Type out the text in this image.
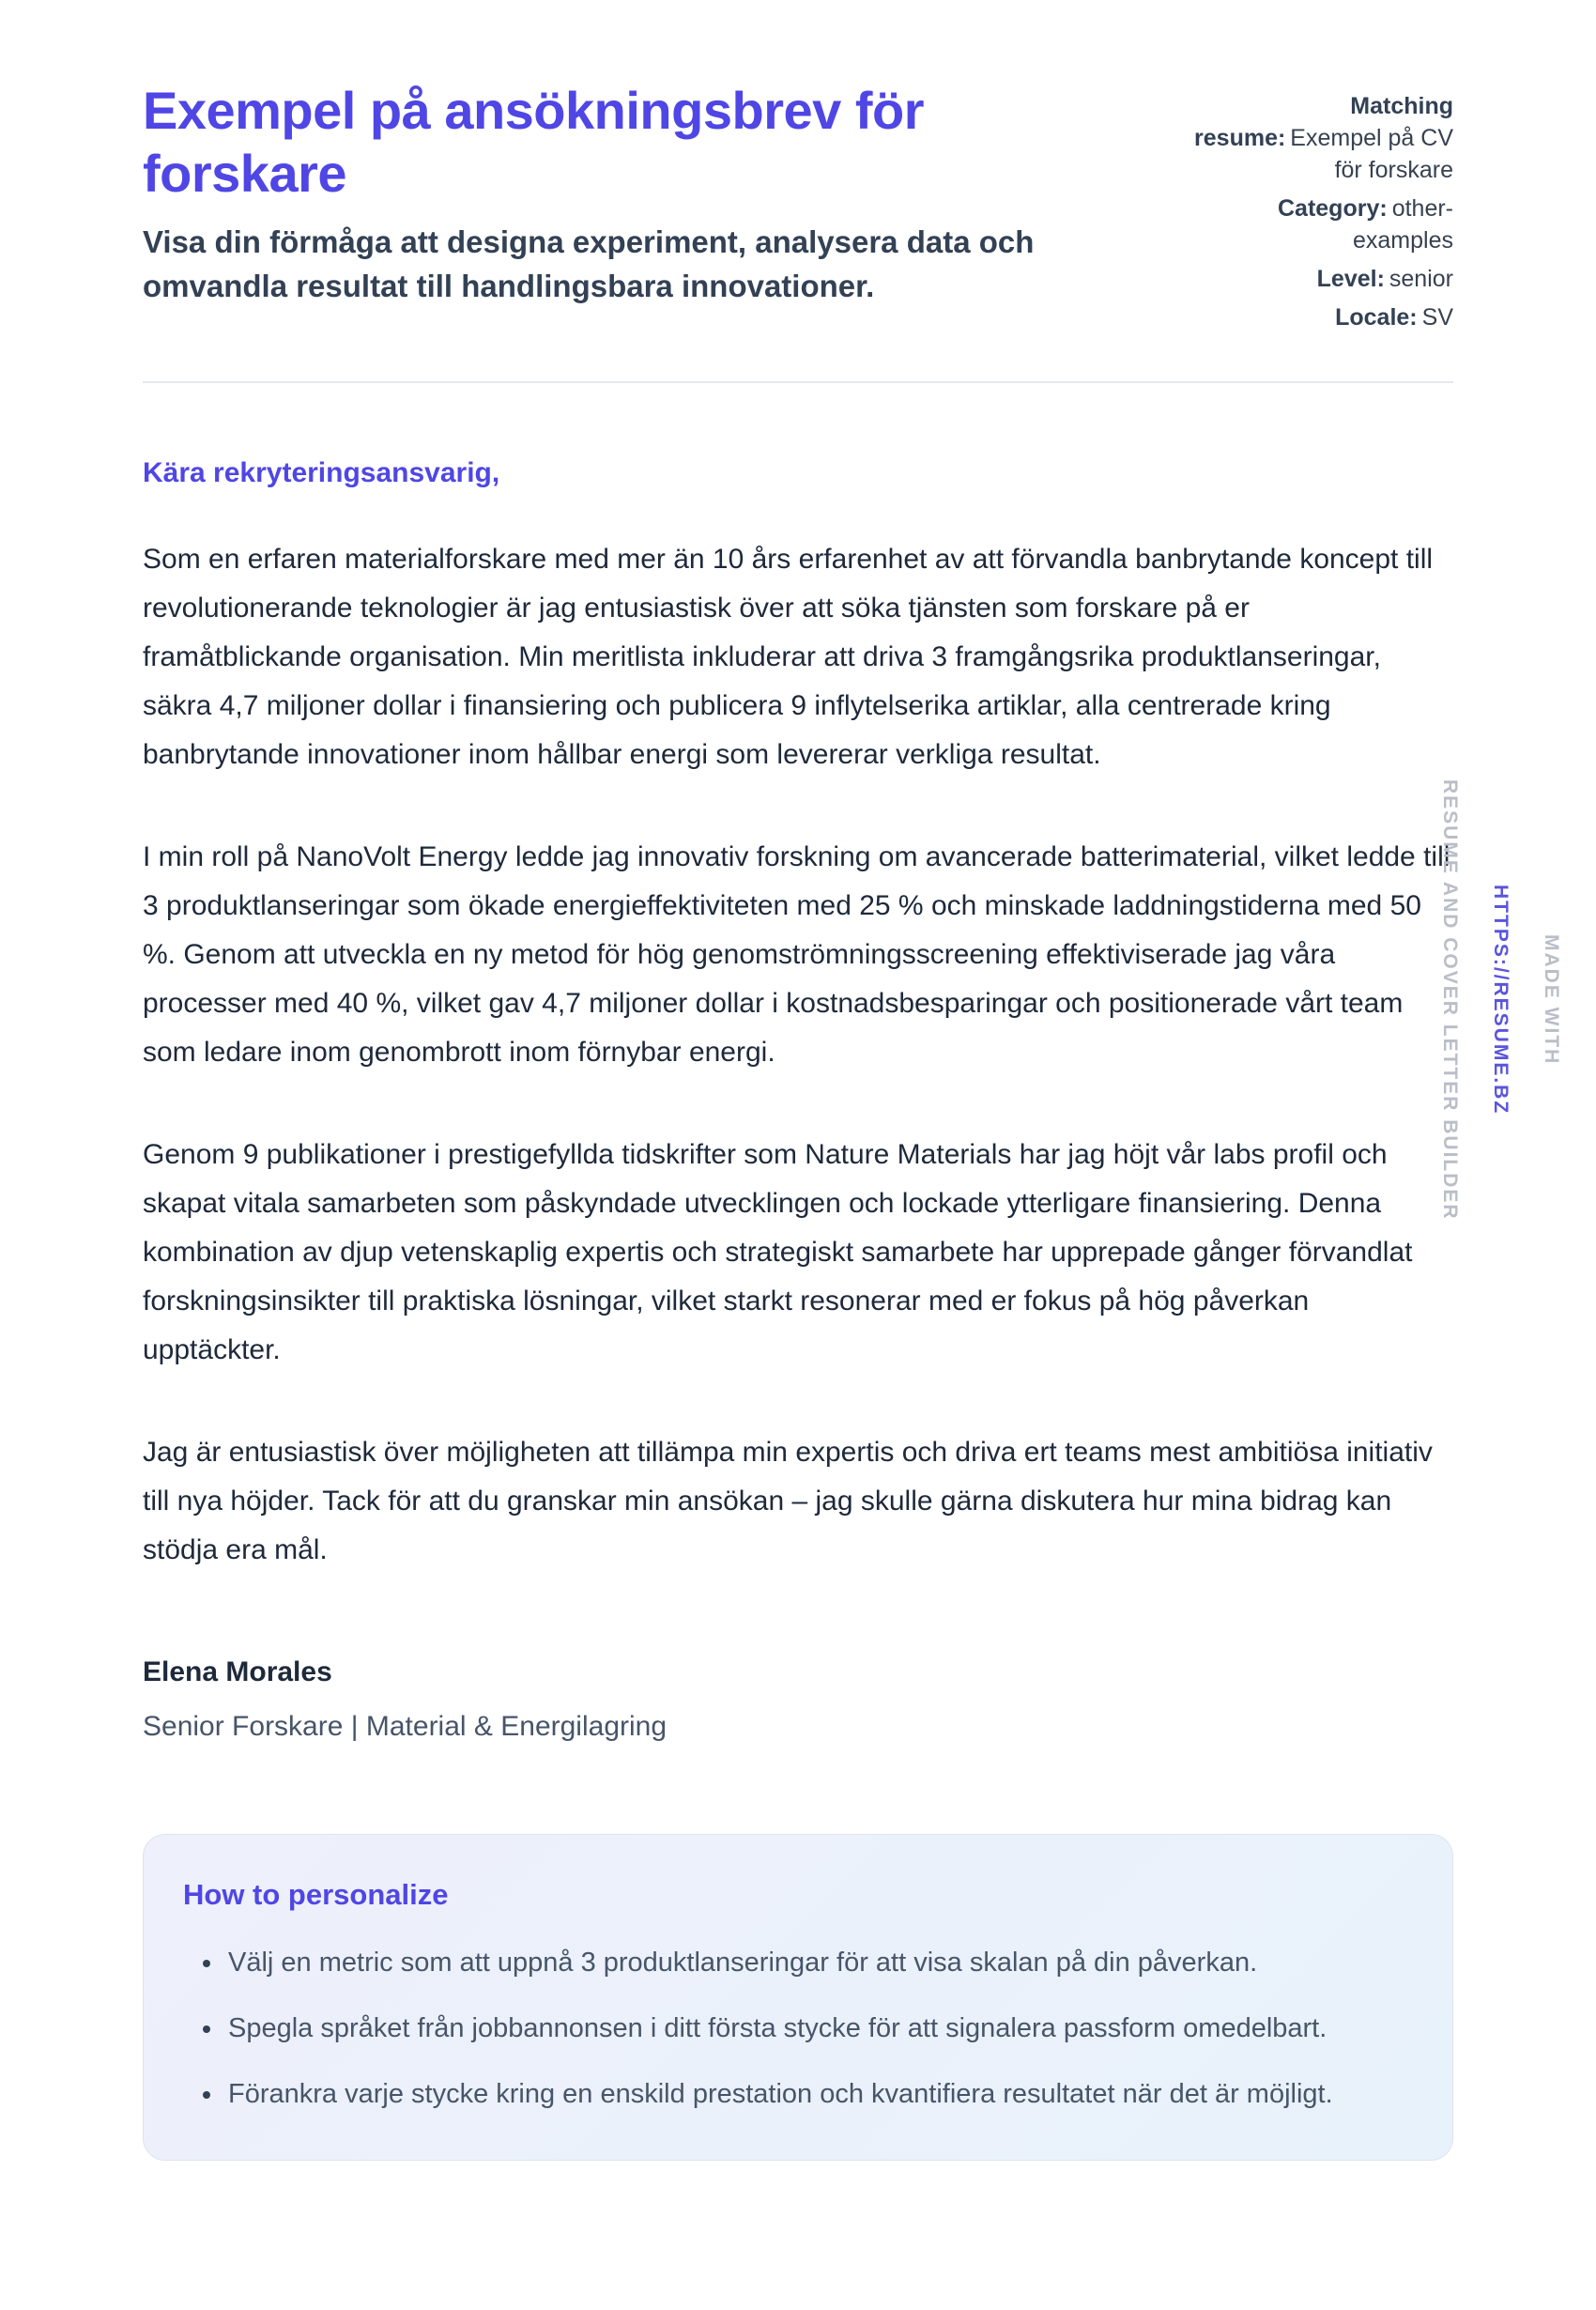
Exempel på ansökningsbrev för forskare

Visa din förmåga att designa experiment, analysera data och omvandla resultat till handlingsbara innovationer.

Matching resume: Exempel på CV för forskare
Category: other-examples
Level: senior
Locale: SV

Kära rekryteringsansvarig,

Som en erfaren materialforskare med mer än 10 års erfarenhet av att förvandla banbrytande koncept till revolutionerande teknologier är jag entusiastisk över att söka tjänsten som forskare på er framåtblickande organisation. Min meritlista inkluderar att driva 3 framgångsrika produktlanseringar, säkra 4,7 miljoner dollar i finansiering och publicera 9 inflytelserika artiklar, alla centrerade kring banbrytande innovationer inom hållbar energi som levererar verkliga resultat.

I min roll på NanoVolt Energy ledde jag innovativ forskning om avancerade batterimaterial, vilket ledde till 3 produktlanseringar som ökade energieffektiviteten med 25 % och minskade laddningstiderna med 50 %. Genom att utveckla en ny metod för hög genomströmningsscreening effektiviserade jag våra processer med 40 %, vilket gav 4,7 miljoner dollar i kostnadsbesparingar och positionerade vårt team som ledare inom genombrott inom förnybar energi.

Genom 9 publikationer i prestigefyllda tidskrifter som Nature Materials har jag höjt vår labs profil och skapat vitala samarbeten som påskyndade utvecklingen och lockade ytterligare finansiering. Denna kombination av djup vetenskaplig expertis och strategiskt samarbete har upprepade gånger förvandlat forskningsinsikter till praktiska lösningar, vilket starkt resonerar med er fokus på hög påverkan upptäckter.

Jag är entusiastisk över möjligheten att tillämpa min expertis och driva ert teams mest ambitiösa initiativ till nya höjder. Tack för att du granskar min ansökan – jag skulle gärna diskutera hur mina bidrag kan stödja era mål.

Elena Morales

Senior Forskare | Material & Energilagring

How to personalize
• Välj en metric som att uppnå 3 produktlanseringar för att visa skalan på din påverkan.
• Spegla språket från jobbannonsen i ditt första stycke för att signalera passform omedelbart.
• Förankra varje stycke kring en enskild prestation och kvantifiera resultatet när det är möjligt.
MADE WITH
HTTPS://RESUME.BZ
RESUME AND COVER LETTER BUILDER
